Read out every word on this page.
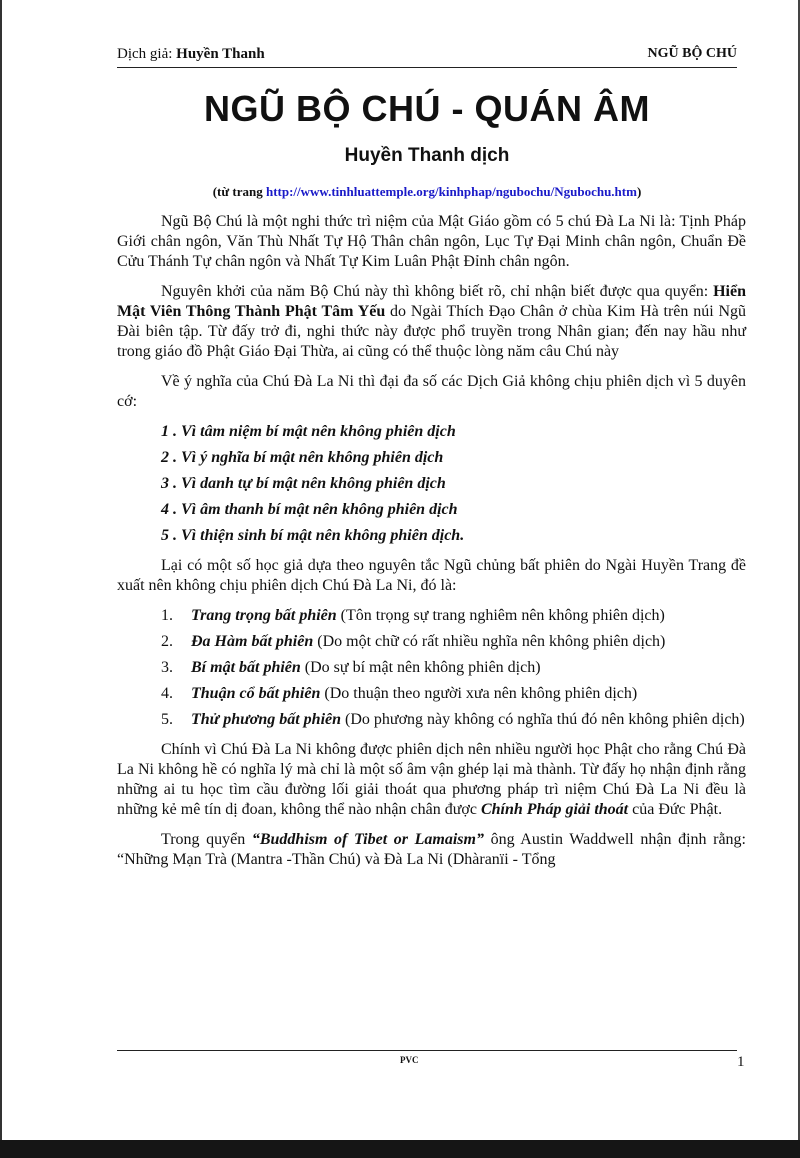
Dịch giả: Huyền Thanh	NGŨ BỘ CHÚ
NGŨ BỘ CHÚ - QUÁN ÂM
Huyền Thanh dịch
(từ trang http://www.tinhluattemple.org/kinhphap/ngubochu/Ngubochu.htm)

Ngũ Bộ Chú là một nghi thức trì niệm của Mật Giáo gồm có 5 chú Đà La Ni là: Tịnh Pháp Giới chân ngôn, Văn Thù Nhất Tự Hộ Thân chân ngôn, Lục Tự Đại Minh chân ngôn, Chuẩn Đề Cửu Thánh Tự chân ngôn và Nhất Tự Kim Luân Phật Đỉnh chân ngôn.

Nguyên khởi của năm Bộ Chú này thì không biết rõ, chỉ nhận biết được qua quyển: Hiển Mật Viên Thông Thành Phật Tâm Yếu do Ngài Thích Đạo Chân ở chùa Kim Hà trên núi Ngũ Đài biên tập. Từ đấy trở đi, nghi thức này được phổ truyền trong Nhân gian; đến nay hầu như trong giáo đồ Phật Giáo Đại Thừa, ai cũng có thể thuộc lòng năm câu Chú này

Về ý nghĩa của Chú Đà La Ni thì đại đa số các Dịch Giả không chịu phiên dịch vì 5 duyên cớ:

1 . Vì tâm niệm bí mật nên không phiên dịch
2 . Vì ý nghĩa bí mật nên không phiên dịch
3 . Vì danh tự bí mật nên không phiên dịch
4 . Vì âm thanh bí mật nên không phiên dịch
5 . Vì thiện sinh bí mật nên không phiên dịch.

Lại có một số học giả dựa theo nguyên tắc Ngũ chủng bất phiên do Ngài Huyền Trang đề xuất nên không chịu phiên dịch Chú Đà La Ni, đó là:

1. Trang trọng bất phiên (Tôn trọng sự trang nghiêm nên không phiên dịch)
2. Đa Hàm bất phiên (Do một chữ có rất nhiều nghĩa nên không phiên dịch)
3. Bí mật bất phiên (Do sự bí mật nên không phiên dịch)
4. Thuận cổ bất phiên (Do thuận theo người xưa nên không phiên dịch)
5. Thử phương bất phiên (Do phương này không có nghĩa thú đó nên không phiên dịch)

Chính vì Chú Đà La Ni không được phiên dịch nên nhiều người học Phật cho rằng Chú Đà La Ni không hề có nghĩa lý mà chỉ là một số âm vận ghép lại mà thành. Từ đấy họ nhận định rằng những ai tu học tìm cầu đường lối giải thoát qua phương pháp trì niệm Chú Đà La Ni đều là những kẻ mê tín dị đoan, không thể nào nhận chân được Chính Pháp giải thoát của Đức Phật.

Trong quyển “Buddhism of Tibet or Lamaism” ông Austin Waddwell nhận định rằng: “Những Mạn Trà (Mantra -Thần Chú) và Đà La Ni (Dhàranïi - Tổng

PVC	1
